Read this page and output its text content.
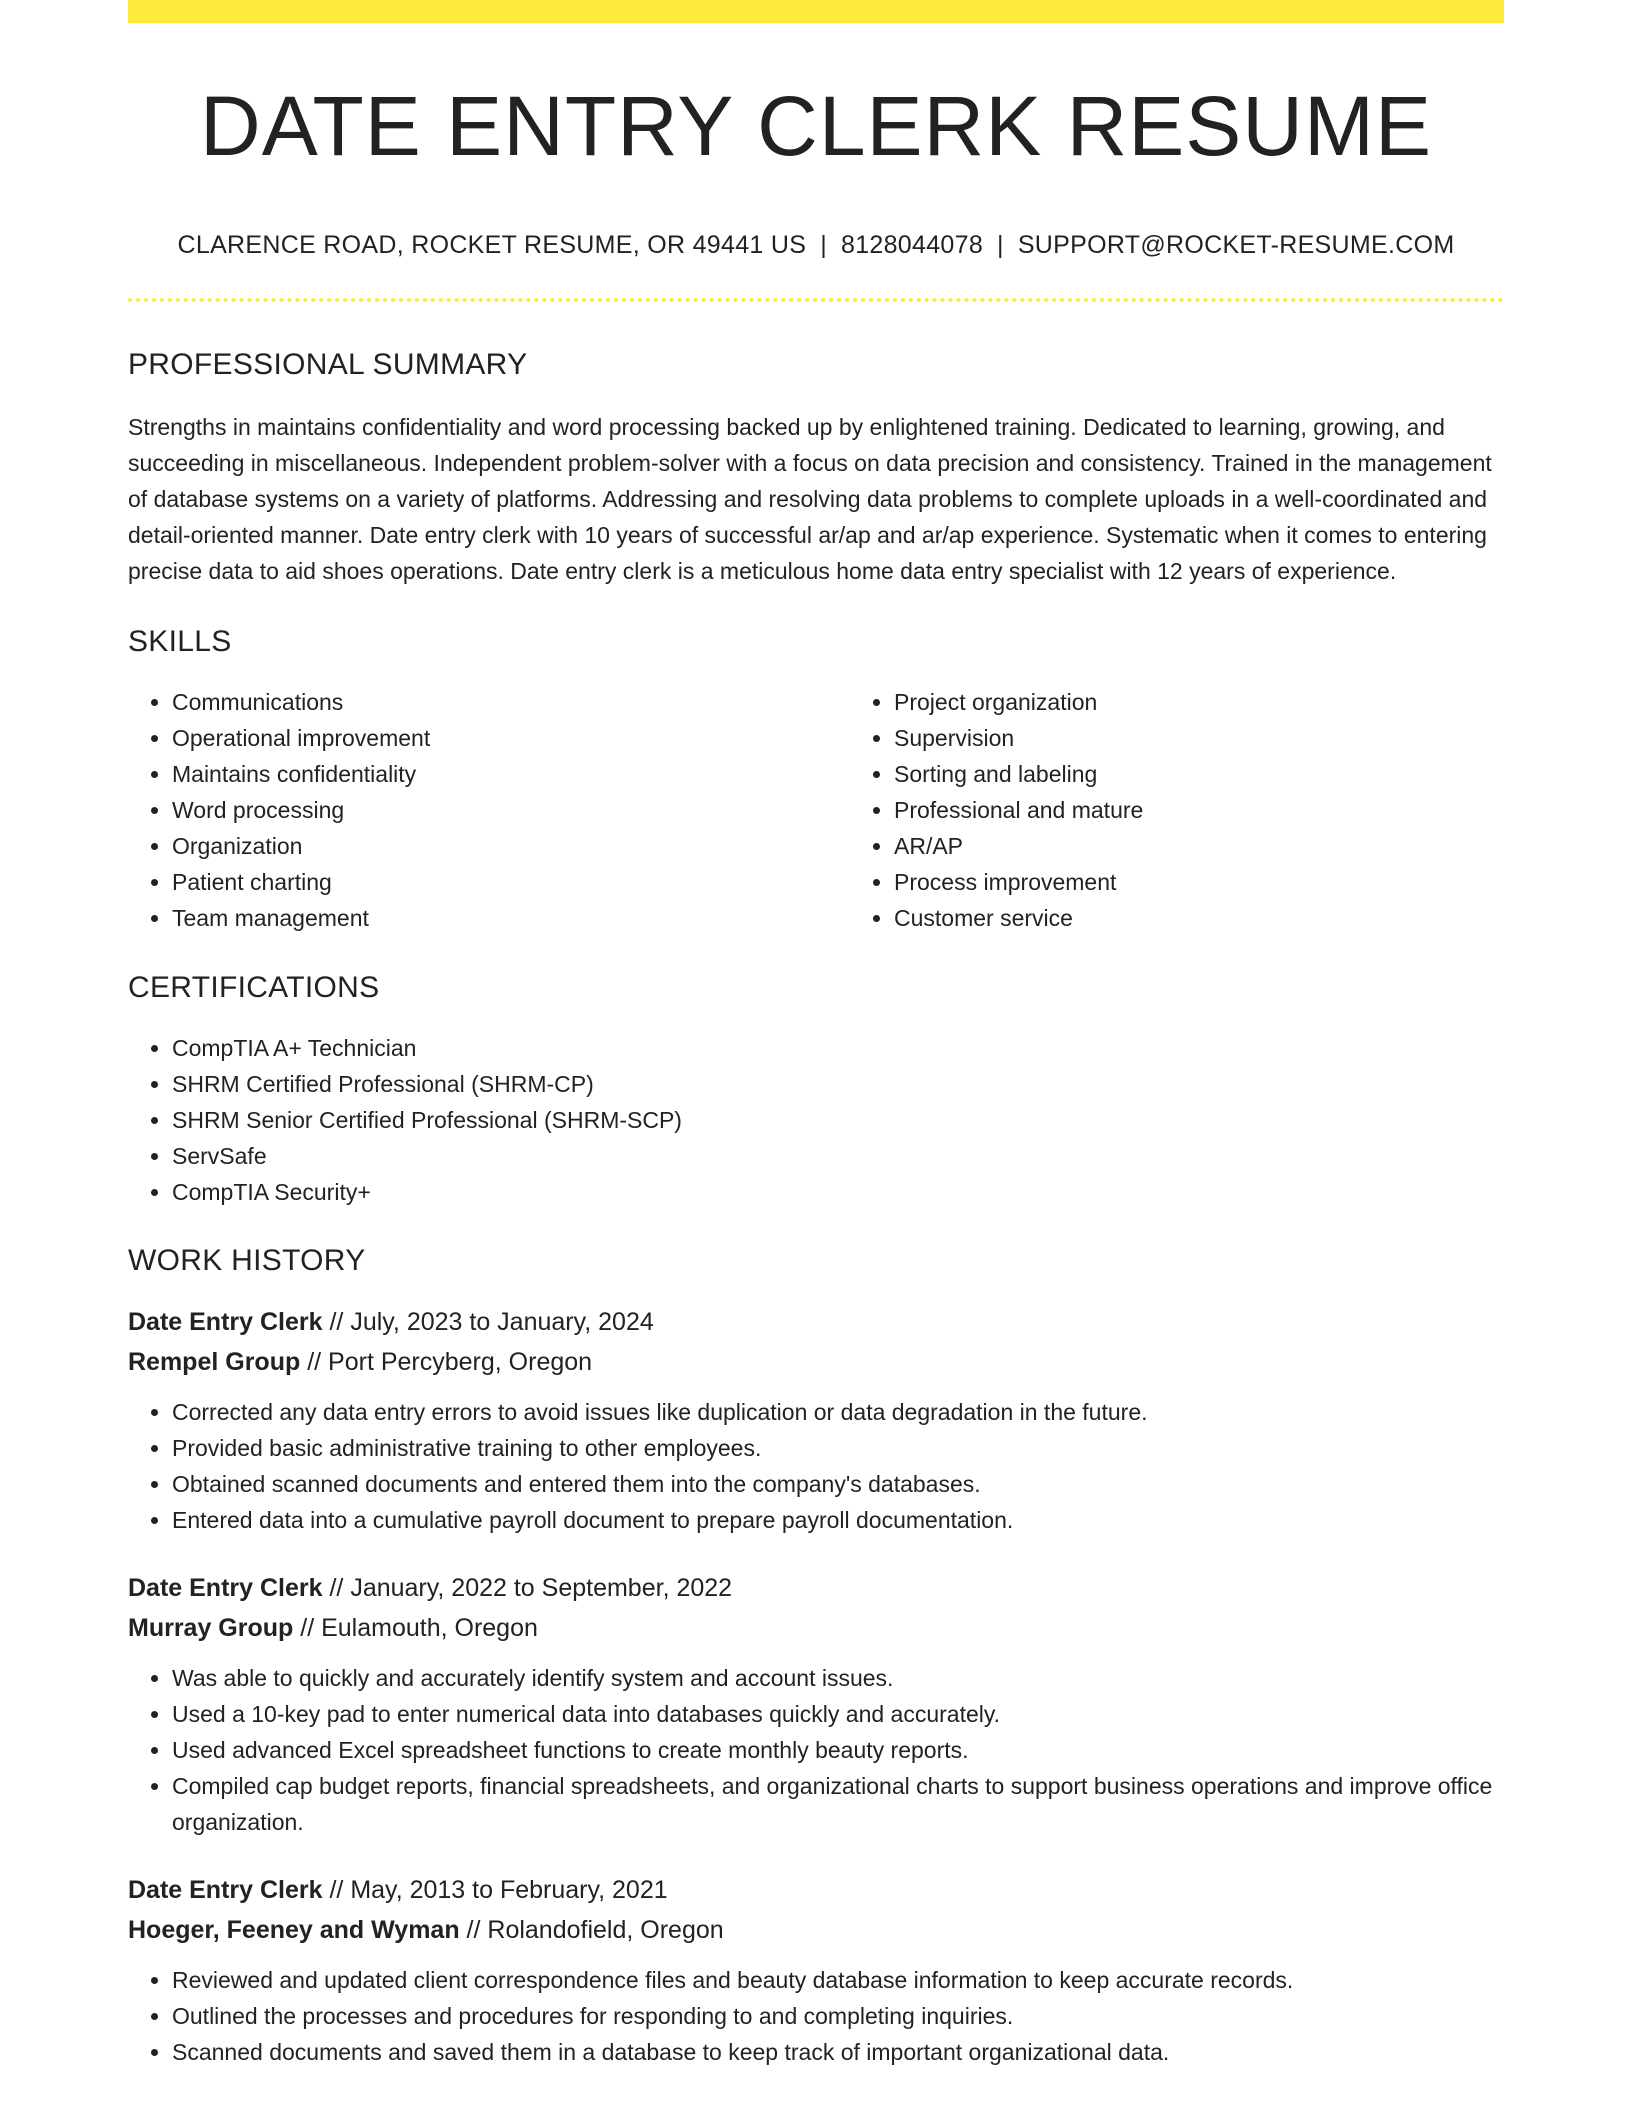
DATE ENTRY CLERK RESUME
CLARENCE ROAD, ROCKET RESUME, OR 49441 US | 8128044078 | SUPPORT@ROCKET-RESUME.COM
PROFESSIONAL SUMMARY
Strengths in maintains confidentiality and word processing backed up by enlightened training. Dedicated to learning, growing, and succeeding in miscellaneous. Independent problem-solver with a focus on data precision and consistency. Trained in the management of database systems on a variety of platforms. Addressing and resolving data problems to complete uploads in a well-coordinated and detail-oriented manner. Date entry clerk with 10 years of successful ar/ap and ar/ap experience. Systematic when it comes to entering precise data to aid shoes operations. Date entry clerk is a meticulous home data entry specialist with 12 years of experience.
SKILLS
• Communications
• Operational improvement
• Maintains confidentiality
• Word processing
• Organization
• Patient charting
• Team management
• Project organization
• Supervision
• Sorting and labeling
• Professional and mature
• AR/AP
• Process improvement
• Customer service
CERTIFICATIONS
• CompTIA A+ Technician
• SHRM Certified Professional (SHRM-CP)
• SHRM Senior Certified Professional (SHRM-SCP)
• ServSafe
• CompTIA Security+
WORK HISTORY
Date Entry Clerk // July, 2023 to January, 2024
Rempel Group // Port Percyberg, Oregon
• Corrected any data entry errors to avoid issues like duplication or data degradation in the future.
• Provided basic administrative training to other employees.
• Obtained scanned documents and entered them into the company's databases.
• Entered data into a cumulative payroll document to prepare payroll documentation.
Date Entry Clerk // January, 2022 to September, 2022
Murray Group // Eulamouth, Oregon
• Was able to quickly and accurately identify system and account issues.
• Used a 10-key pad to enter numerical data into databases quickly and accurately.
• Used advanced Excel spreadsheet functions to create monthly beauty reports.
• Compiled cap budget reports, financial spreadsheets, and organizational charts to support business operations and improve office organization.
Date Entry Clerk // May, 2013 to February, 2021
Hoeger, Feeney and Wyman // Rolandofield, Oregon
• Reviewed and updated client correspondence files and beauty database information to keep accurate records.
• Outlined the processes and procedures for responding to and completing inquiries.
• Scanned documents and saved them in a database to keep track of important organizational data.
